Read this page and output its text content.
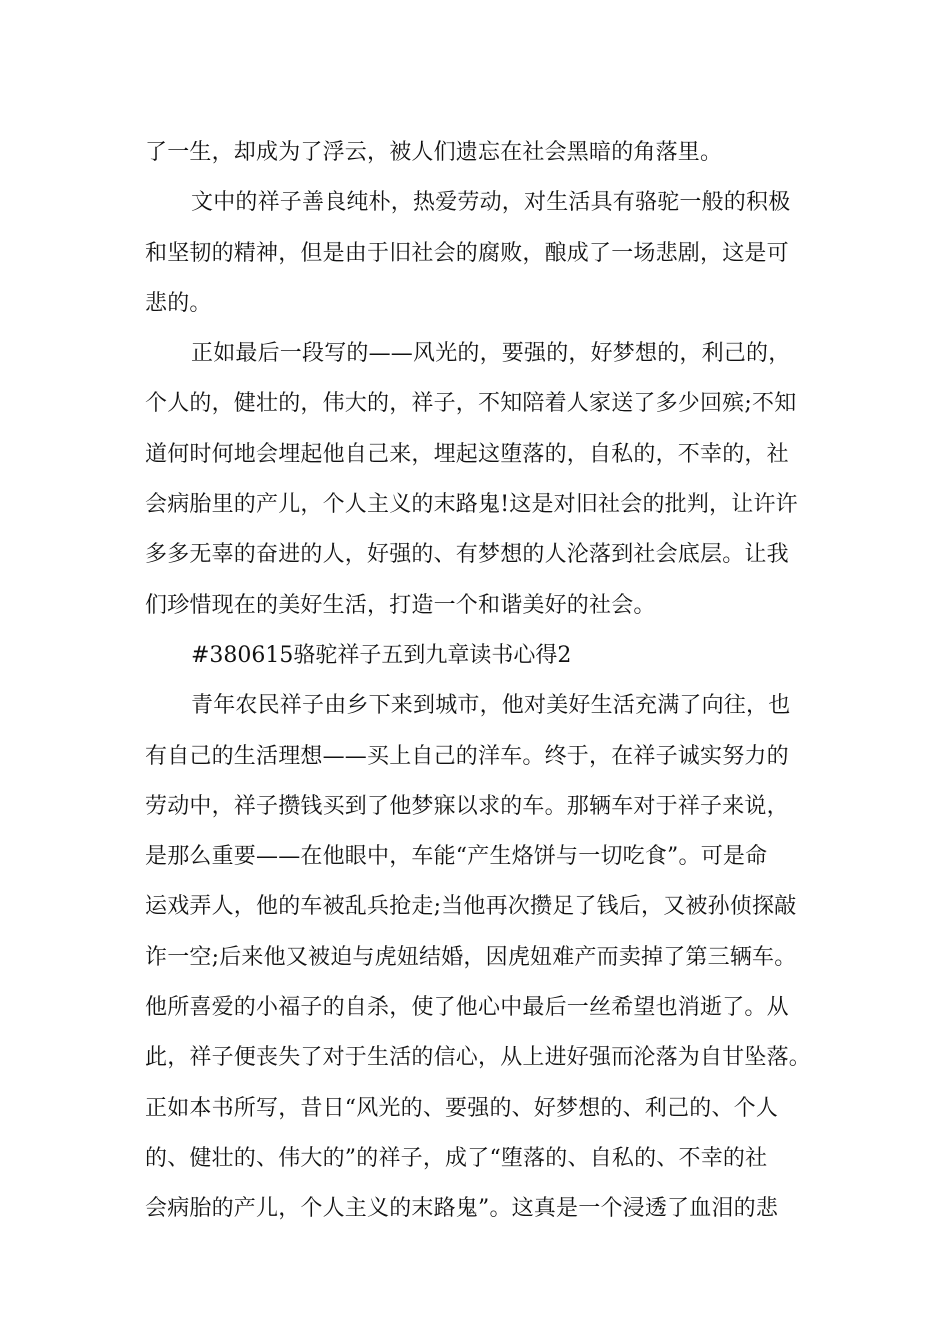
了一生，却成为了浮云，被人们遗忘在社会黑暗的角落里。
文中的祥子善良纯朴，热爱劳动，对生活具有骆驼一般的积极
和坚韧的精神，但是由于旧社会的腐败，酿成了一场悲剧，这是可
悲的。
正如最后一段写的——风光的，要强的，好梦想的，利己的，
个人的，健壮的，伟大的，祥子，不知陪着人家送了多少回殡;不知
道何时何地会埋起他自己来，埋起这堕落的，自私的，不幸的，社
会病胎里的产儿，个人主义的末路鬼!这是对旧社会的批判，让许许
多多无辜的奋进的人，好强的、有梦想的人沦落到社会底层。让我
们珍惜现在的美好生活，打造一个和谐美好的社会。
#380615骆驼祥子五到九章读书心得2
青年农民祥子由乡下来到城市，他对美好生活充满了向往，也
有自己的生活理想——买上自己的洋车。终于，在祥子诚实努力的
劳动中，祥子攒钱买到了他梦寐以求的车。那辆车对于祥子来说，
是那么重要——在他眼中，车能“产生烙饼与一切吃食”。可是命
运戏弄人，他的车被乱兵抢走;当他再次攒足了钱后，又被孙侦探敲
诈一空;后来他又被迫与虎妞结婚，因虎妞难产而卖掉了第三辆车。
他所喜爱的小福子的自杀，使了他心中最后一丝希望也消逝了。从
此，祥子便丧失了对于生活的信心，从上进好强而沦落为自甘坠落。
正如本书所写，昔日“风光的、要强的、好梦想的、利己的、个人
的、健壮的、伟大的”的祥子，成了“堕落的、自私的、不幸的社
会病胎的产儿，个人主义的末路鬼”。这真是一个浸透了血泪的悲
